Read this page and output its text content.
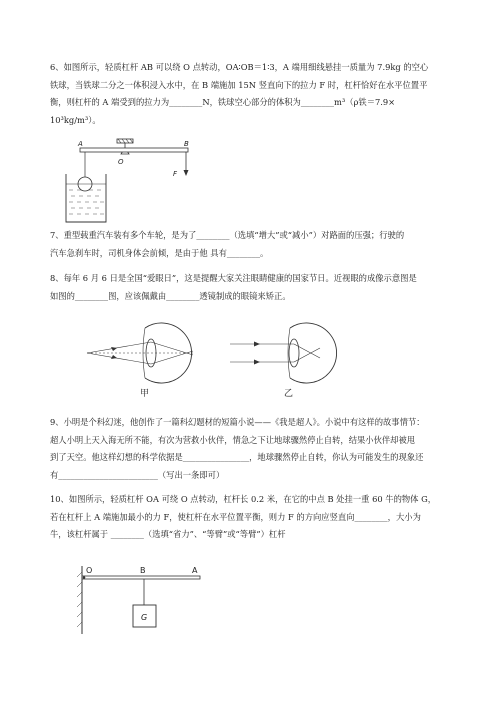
6、如图所示，轻质杠杆 AB 可以绕 O 点转动，OA∶OB＝1∶3，A 端用细线悬挂一质量为 7.9kg 的空心
铁球，当铁球二分之一体积浸入水中，在 B 端施加 15N 竖直向下的拉力 F 时，杠杆恰好在水平位置平
衡，则杠杆的 A 端受到的拉力为________N，铁球空心部分的体积为________m³（ρ铁＝7.9×
10³kg/m³）。
A	B
O
F
7、重型载重汽车装有多个车轮，是为了________（选填“增大”或“减小”）对路面的压强；行驶的
汽车急刹车时，司机身体会前倾，是由于他 具有________。
8、每年 6 月 6 日是全国“爱眼日”，这是提醒大家关注眼睛健康的国家节日。近视眼的成像示意图是
如图的________图，应该佩戴由________透镜制成的眼镜来矫正。
甲	乙
9、小明是个科幻迷，他创作了一篇科幻题材的短篇小说——《我是超人》。小说中有这样的故事情节：
超人小明上天入海无所不能，有次为营救小伙伴，情急之下让地球骤然停止自转，结果小伙伴却被甩
到了天空。他这样幻想的科学依据是________________，地球骤然停止自转，你认为可能发生的现象还
有________________________（写出一条即可）
10、如图所示，轻质杠杆 OA 可绕 O 点转动，杠杆长 0.2 米，在它的中点 B 处挂一重 60 牛的物体 G，
若在杠杆上 A 端施加最小的力 F，使杠杆在水平位置平衡，则力 F 的方向应竖直向________，大小为
牛，该杠杆属于 ________（选填“省力”、“等臂”或“等臂”）杠杆
O	B	A
G
